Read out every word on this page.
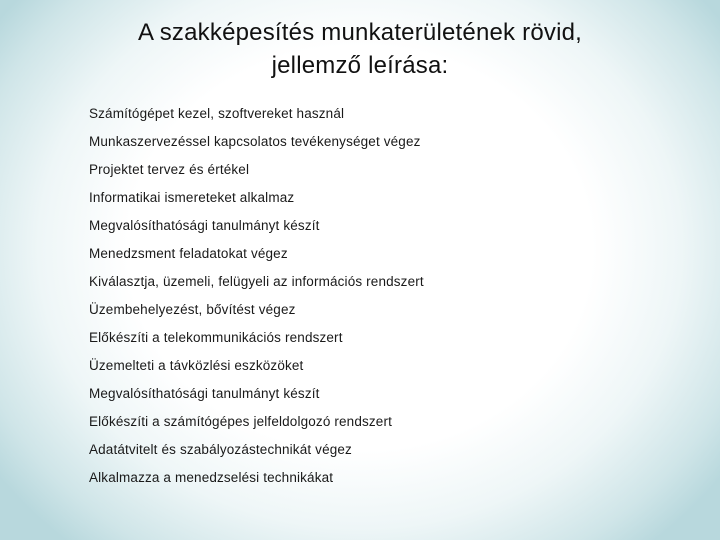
A szakképesítés munkaterületének rövid,
jellemző leírása:
Számítógépet kezel, szoftvereket használ
Munkaszervezéssel kapcsolatos tevékenységet végez
Projektet tervez és értékel
Informatikai ismereteket alkalmaz
Megvalósíthatósági tanulmányt készít
Menedzsment feladatokat végez
Kiválasztja, üzemeli, felügyeli az információs rendszert
Üzembehelyezést, bővítést végez
Előkészíti a telekommunikációs rendszert
Üzemelteti a távközlési eszközöket
Megvalósíthatósági tanulmányt készít
Előkészíti a számítógépes jelfeldolgozó rendszert
Adatátvitelt és szabályozástechnikát végez
Alkalmazza a menedzselési technikákat
